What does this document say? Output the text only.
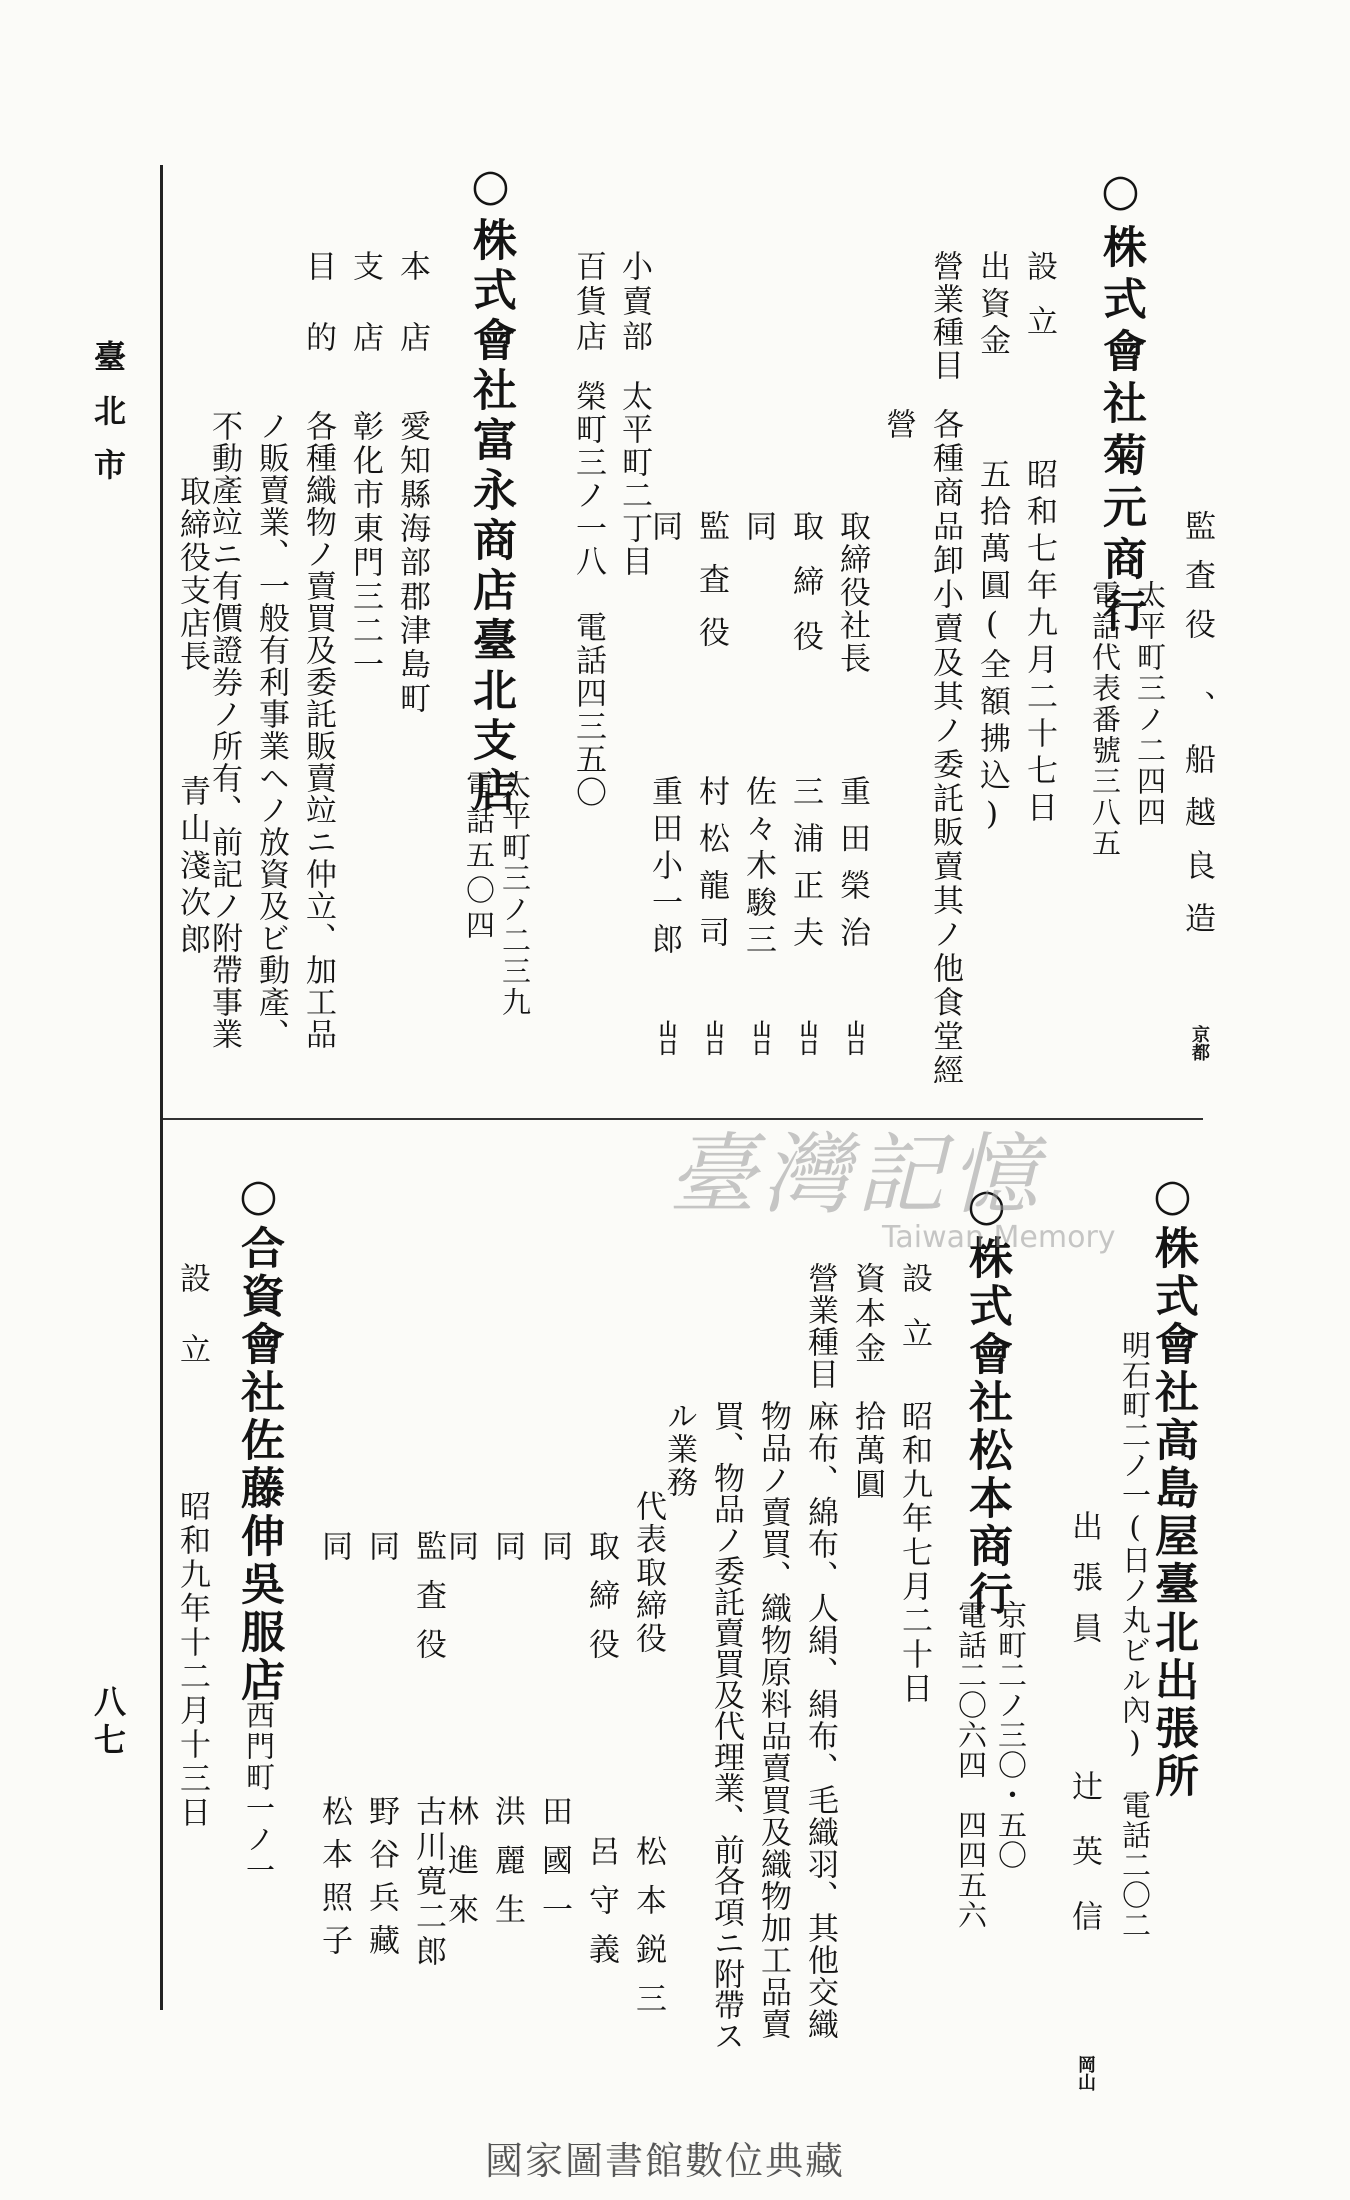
臺北市
八七
監査役
、船越良造
京都
○株式會社菊元商行
太平町三ノ二四四
電話代表番號三八五
設立
昭和七年九月二十七日
出資金
五拾萬圓(全額拂込)
營業種目
各種商品卸小賣及其ノ委託販賣其ノ他食堂經
營
取締役社長
重田榮治
山口
取締役
三浦正夫
山口
同
佐々木駿三
山口
監査役
村松龍司
山口
同
重田小一郎
山口
小賣部
太平町二丁目
百貨店
榮町三ノ一八　電話四三五〇
○株式會社富永商店臺北支店
太平町三ノ二三九
電話五〇四
本店
愛知縣海部郡津島町
支店
彰化市東門三二一
目的
各種織物ノ賣買及委託販賣竝ニ仲立、加工品
ノ販賣業、一般有利事業ヘノ放資及ビ動產、
不動產竝ニ有價證券ノ所有、前記ノ附帶事業
取締役支店長
青山淺次郎
○株式會社高島屋臺北出張所
明石町二ノ一(日ノ丸ビル內)　電話二〇二
出張員
辻英信
岡山
○株式會社松本商行
京町二ノ三〇・五〇
電話二〇六四　四四五六
設立
昭和九年七月二十日
資本金
拾萬圓
營業種目
麻布、綿布、人絹、絹布、毛織羽、其他交織
物品ノ賣買、織物原料品賣買及織物加工品賣
買、物品ノ委託賣買及代理業、前各項ニ附帶ス
ル業務
代表取締役
松本鋭三
取締役
呂守義
同
田國一
同
洪麗生
同
林進來
監査役
古川寛二郎
同
野谷兵藏
同
松本照子
○合資會社佐藤伸吳服店
西門町一ノ一
設立
昭和九年十二月十三日
臺灣記憶
Taiwan Memory
國家圖書館數位典藏
